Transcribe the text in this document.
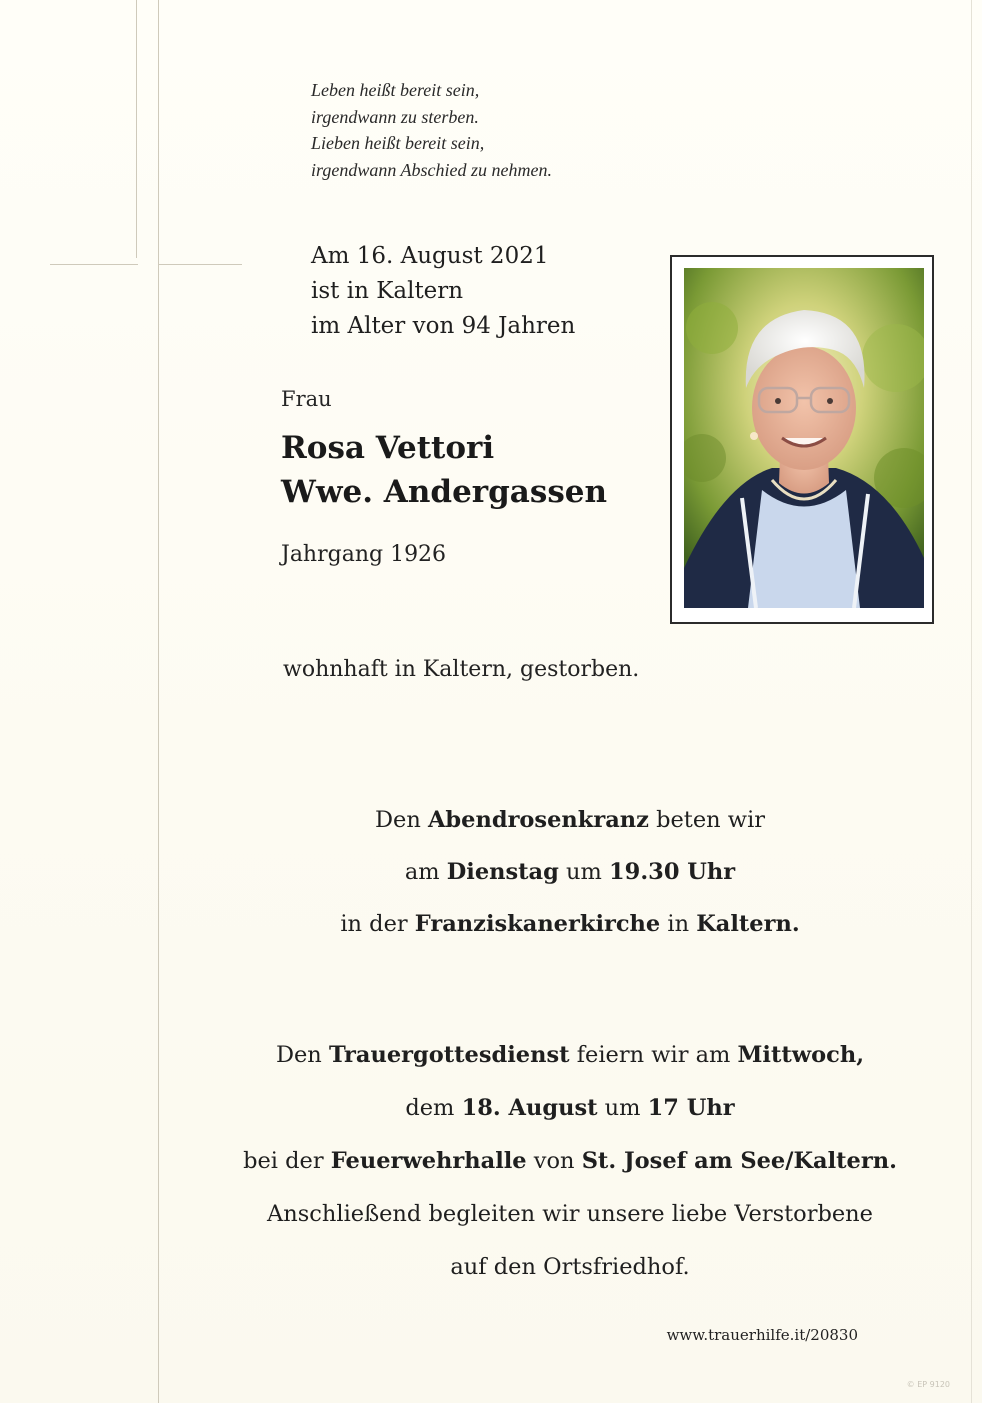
Leben heißt bereit sein,
irgendwann zu sterben.
Lieben heißt bereit sein,
irgendwann Abschied zu nehmen.
Am 16. August 2021
ist in Kaltern
im Alter von 94 Jahren
Frau
Rosa Vettori
Wwe. Andergassen
Jahrgang 1926
wohnhaft in Kaltern, gestorben.
Den Abendrosenkranz beten wir
am Dienstag um 19.30 Uhr
in der Franziskanerkirche in Kaltern.
Den Trauergottesdienst feiern wir am Mittwoch,
dem 18. August um 17 Uhr
bei der Feuerwehrhalle von St. Josef am See/Kaltern.
Anschließend begleiten wir unsere liebe Verstorbene
auf den Ortsfriedhof.
www.trauerhilfe.it/20830
© EP 9120
